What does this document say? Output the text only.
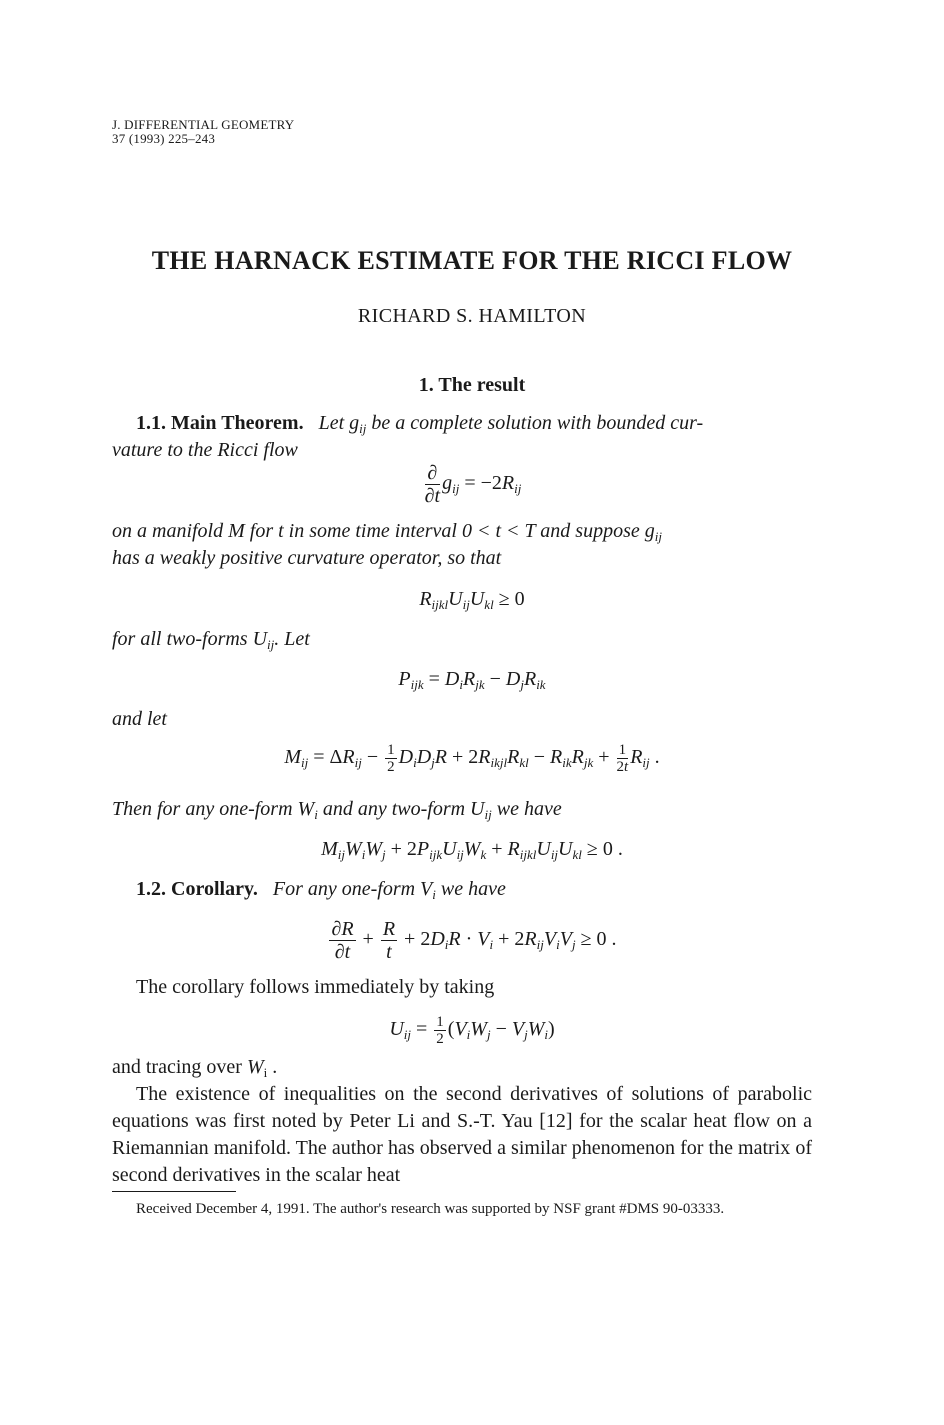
J. DIFFERENTIAL GEOMETRY
37 (1993) 225–243
THE HARNACK ESTIMATE FOR THE RICCI FLOW
RICHARD S. HAMILTON
1. The result
1.1. Main Theorem. Let $g_{ij}$ be a complete solution with bounded cur-
vature to the Ricci flow
$\frac{\partial}{\partial t} g_{ij} = -2R_{ij}$
on a manifold M for t in some time interval 0 < t < T and suppose $g_{ij}$
has a weakly positive curvature operator, so that
$R_{ijkl}U_{ij}U_{kl} \ge 0$
for all two-forms $U_{ij}$. Let
$P_{ijk} = D_iR_{jk} - D_jR_{ik}$
and let
$M_{ij} = \Delta R_{ij} - \frac{1}{2} D_iD_jR + 2R_{ikjl}R_{kl} - R_{ik}R_{jk} + \frac{1}{2t} R_{ij}$ .
Then for any one-form $W_i$ and any two-form $U_{ij}$ we have
$M_{ij}W_iW_j + 2P_{ijk}U_{ij}W_k + R_{ijkl}U_{ij}U_{kl} \ge 0$ .
1.2. Corollary. For any one-form $V_i$ we have
$\frac{\partial R}{\partial t} + \frac{R}{t} + 2D_iR \cdot V_i + 2R_{ij}V_iV_j \ge 0$ .
The corollary follows immediately by taking
$U_{ij} = \frac{1}{2} (V_iW_j - V_jW_i)$
and tracing over $W_i$ .
The existence of inequalities on the second derivatives of solutions of parabolic equations was first noted by Peter Li and S.-T. Yau [12] for the scalar heat flow on a Riemannian manifold. The author has observed a similar phenomenon for the matrix of second derivatives in the scalar heat
Received December 4, 1991. The author's research was supported by NSF grant #DMS 90-03333.
